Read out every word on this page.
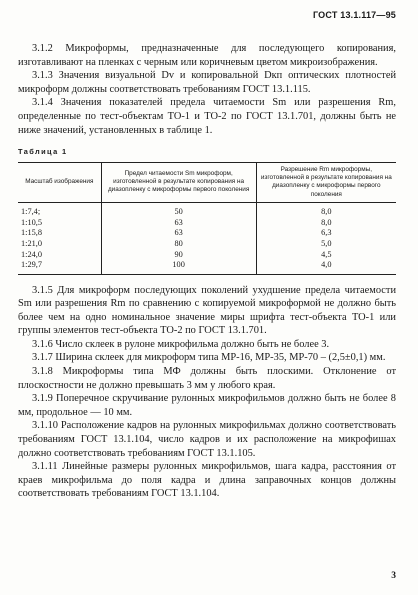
ГОСТ 13.1.117—95

3.1.2 Микроформы, предназначенные для последующего копирования, изготавливают на пленках с черным или коричневым цветом микроизображения.

3.1.3 Значения визуальной Dv и копировальной Dкп оптических плотностей микроформ должны соответствовать требованиям ГОСТ 13.1.115.

3.1.4 Значения показателей предела читаемости Sm или разрешения Rm, определенные по тест-объектам ТО-1 и ТО-2 по ГОСТ 13.1.701, должны быть не ниже значений, установленных в таблице 1.

Таблица 1
Масштаб изображения	Предел читаемости Sm микроформ, изготовленной в результате копирования на диазопленку с микроформы первого поколения	Разрешение Rm микроформы, изготовленной в результате копирования на диазопленку с микроформы первого поколения
1:7,4;	50	8,0
1:10,5	63	8,0
1:15,8	63	6,3
1:21,0	80	5,0
1:24,0	90	4,5
1:29,7	100	4,0

3.1.5 Для микроформ последующих поколений ухудшение предела читаемости Sm или разрешения Rm по сравнению с копируемой микроформой не должно быть более чем на одно номинальное значение миры шрифта тест-объекта ТО-1 или группы элементов тест-объекта ТО-2 по ГОСТ 13.1.701.

3.1.6 Число склеек в рулоне микрофильма должно быть не более 3.

3.1.7 Ширина склеек для микроформ типа МР-16, МР-35, МР-70 – (2,5±0,1) мм.

3.1.8 Микроформы типа МФ должны быть плоскими. Отклонение от плоскостности не должно превышать 3 мм у любого края.

3.1.9 Поперечное скручивание рулонных микрофильмов должно быть не более 8 мм, продольное — 10 мм.

3.1.10 Расположение кадров на рулонных микрофильмах должно соответствовать требованиям ГОСТ 13.1.104, число кадров и их расположение на микрофишах должно соответствовать требованиям ГОСТ 13.1.105.

3.1.11 Линейные размеры рулонных микрофильмов, шага кадра, расстояния от краев микрофильма до поля кадра и длина заправочных концов должны соответствовать требованиям ГОСТ 13.1.104.

3
